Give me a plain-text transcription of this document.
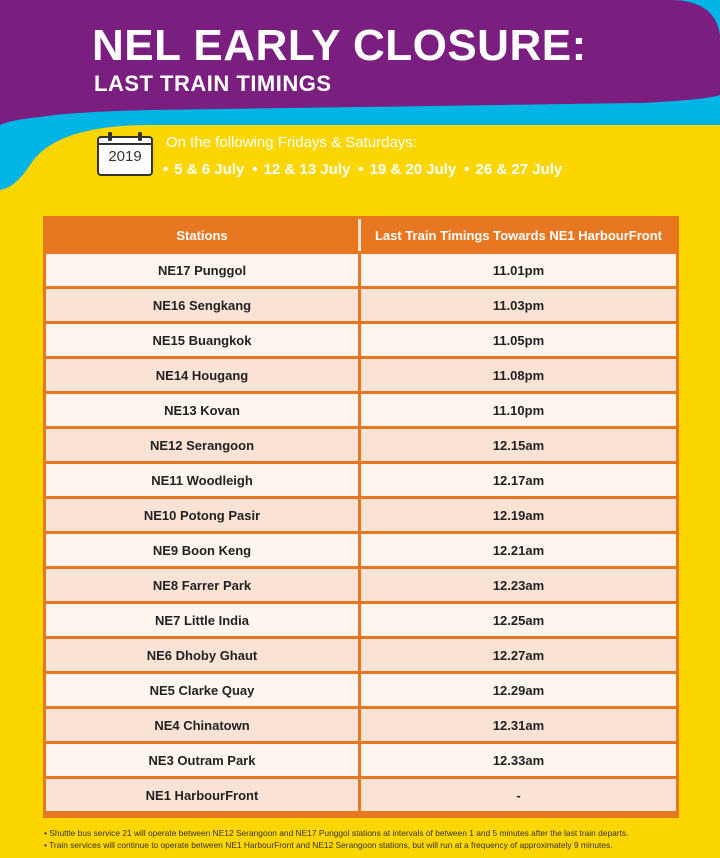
NEL EARLY CLOSURE:
LAST TRAIN TIMINGS
2019
On the following Fridays & Saturdays:
• 5 & 6 July • 12 & 13 July • 19 & 20 July • 26 & 27 July
Stations	Last Train Timings Towards NE1 HarbourFront
NE17 Punggol	11.01pm
NE16 Sengkang	11.03pm
NE15 Buangkok	11.05pm
NE14 Hougang	11.08pm
NE13 Kovan	11.10pm
NE12 Serangoon	12.15am
NE11 Woodleigh	12.17am
NE10 Potong Pasir	12.19am
NE9 Boon Keng	12.21am
NE8 Farrer Park	12.23am
NE7 Little India	12.25am
NE6 Dhoby Ghaut	12.27am
NE5 Clarke Quay	12.29am
NE4 Chinatown	12.31am
NE3 Outram Park	12.33am
NE1 HarbourFront	-
• Shuttle bus service 21 will operate between NE12 Serangoon and NE17 Punggol stations at intervals of between 1 and 5 minutes after the last train departs.
• Train services will continue to operate between NE1 HarbourFront and NE12 Serangoon stations, but will run at a frequency of approximately 9 minutes.
